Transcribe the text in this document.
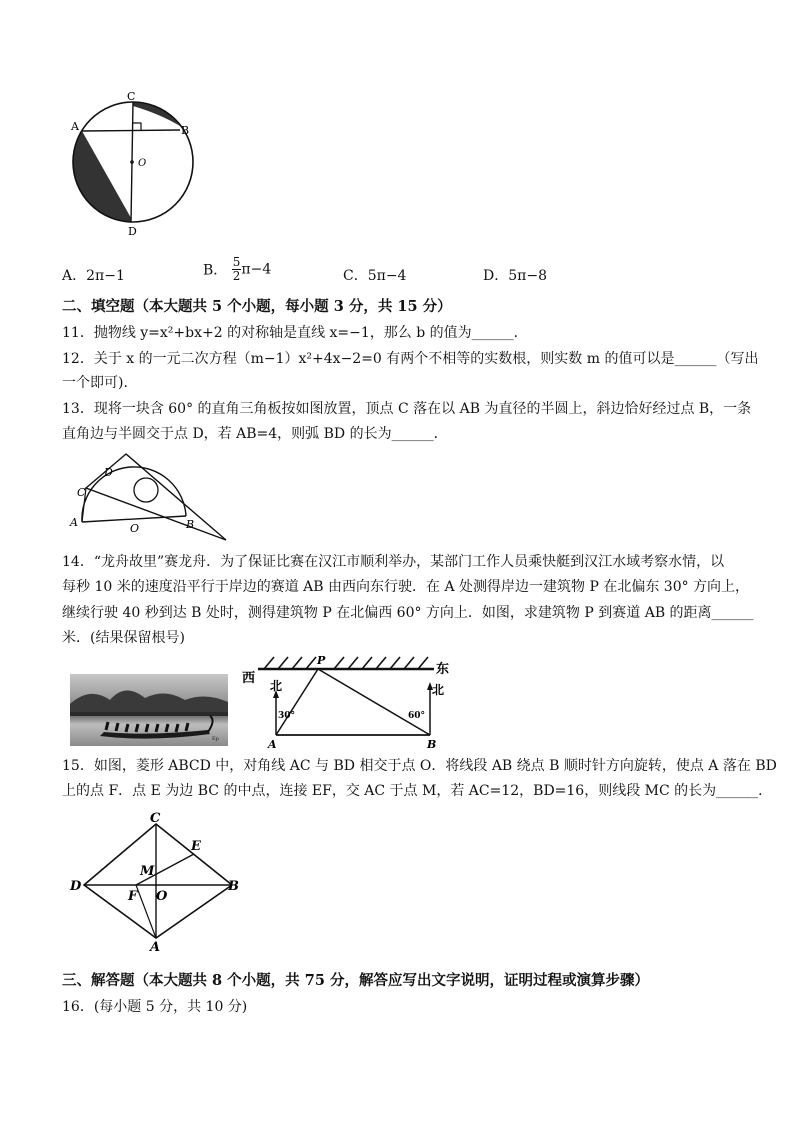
C
A	B
O
D
A．2π−1	B． $\frac{5}{2} \pi-4$	C．5π−4	D．5π−8
二、填空题（本大题共 5 个小题，每小题 3 分，共 15 分）
11．抛物线 y=x²+bx+2 的对称轴是直线 x=−1，那么 b 的值为______．
12．关于 x 的一元二次方程（m−1）x²+4x−2=0 有两个不相等的实数根，则实数 m 的值可以是______（写出
一个即可)．
13．现将一块含 60° 的直角三角板按如图放置，顶点 C 落在以 AB 为直径的半圆上，斜边恰好经过点 B，一条
直角边与半圆交于点 D，若 AB=4，则弧 BD 的长为______．
D
C
A	O	B
14．“龙舟故里”赛龙舟．为了保证比赛在汉江市顺利举办，某部门工作人员乘快艇到汉江水域考察水情，以
每秒 10 米的速度沿平行于岸边的赛道 AB 由西向东行驶．在 A 处测得岸边一建筑物 P 在北偏东 30° 方向上，
继续行驶 40 秒到达 B 处时，测得建筑物 P 在北偏西 60° 方向上．如图，求建筑物 P 到赛道 AB 的距离______
米．(结果保留根号)
Ep
西
东
P
北	北
30°	60°
A	B
15．如图，菱形 ABCD 中，对角线 AC 与 BD 相交于点 O．将线段 AB 绕点 B 顺时针方向旋转，使点 A 落在 BD
上的点 F．点 E 为边 BC 的中点，连接 EF，交 AC 于点 M，若 AC=12，BD=16，则线段 MC 的长为______．
C
E
M
D
F O
B
A
三、解答题（本大题共 8 个小题，共 75 分，解答应写出文字说明，证明过程或演算步骤）
16．(每小题 5 分，共 10 分)
